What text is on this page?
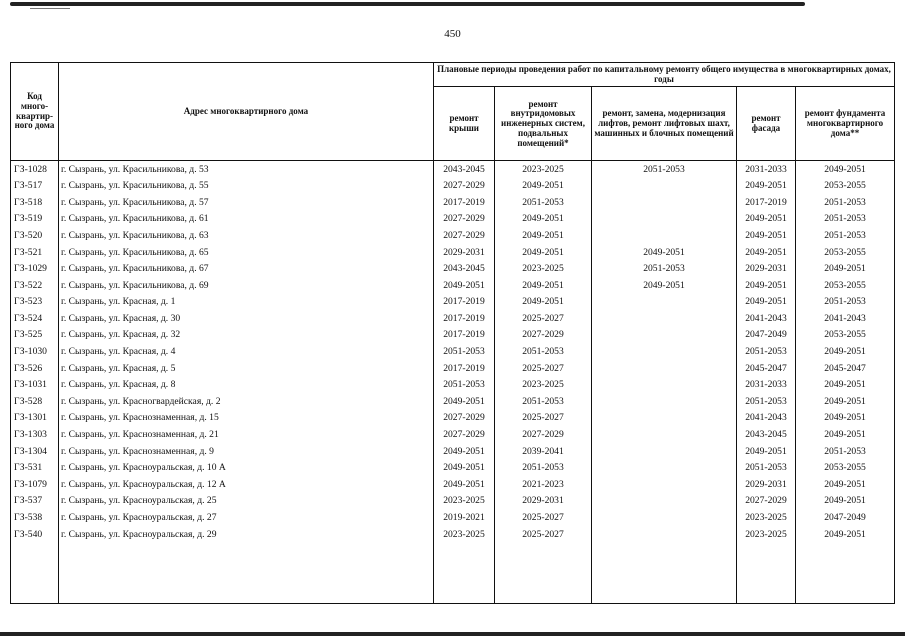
450
Код много-квартир-ного дома	Адрес многоквартирного дома	Плановые периоды проведения работ по капитальному ремонту общего имущества в многоквартирных домах, годы				
		ремонт крыши	ремонт внутридомовых инженерных систем, подвальных помещений*	ремонт, замена, модернизация лифтов, ремонт лифтовых шахт, машинных и блочных помещений	ремонт фасада	ремонт фундамента многоквартирного дома**
ГЗ-1028	г. Сызрань, ул. Красильникова, д. 53	2043-2045	2023-2025	2051-2053	2031-2033	2049-2051
ГЗ-517	г. Сызрань, ул. Красильникова, д. 55	2027-2029	2049-2051		2049-2051	2053-2055
ГЗ-518	г. Сызрань, ул. Красильникова, д. 57	2017-2019	2051-2053		2017-2019	2051-2053
ГЗ-519	г. Сызрань, ул. Красильникова, д. 61	2027-2029	2049-2051		2049-2051	2051-2053
ГЗ-520	г. Сызрань, ул. Красильникова, д. 63	2027-2029	2049-2051		2049-2051	2051-2053
ГЗ-521	г. Сызрань, ул. Красильникова, д. 65	2029-2031	2049-2051	2049-2051	2049-2051	2053-2055
ГЗ-1029	г. Сызрань, ул. Красильникова, д. 67	2043-2045	2023-2025	2051-2053	2029-2031	2049-2051
ГЗ-522	г. Сызрань, ул. Красильникова, д. 69	2049-2051	2049-2051	2049-2051	2049-2051	2053-2055
ГЗ-523	г. Сызрань, ул. Красная, д. 1	2017-2019	2049-2051		2049-2051	2051-2053
ГЗ-524	г. Сызрань, ул. Красная, д. 30	2017-2019	2025-2027		2041-2043	2041-2043
ГЗ-525	г. Сызрань, ул. Красная, д. 32	2017-2019	2027-2029		2047-2049	2053-2055
ГЗ-1030	г. Сызрань, ул. Красная, д. 4	2051-2053	2051-2053		2051-2053	2049-2051
ГЗ-526	г. Сызрань, ул. Красная, д. 5	2017-2019	2025-2027		2045-2047	2045-2047
ГЗ-1031	г. Сызрань, ул. Красная, д. 8	2051-2053	2023-2025		2031-2033	2049-2051
ГЗ-528	г. Сызрань, ул. Красногвардейская, д. 2	2049-2051	2051-2053		2051-2053	2049-2051
ГЗ-1301	г. Сызрань, ул. Краснознаменная, д. 15	2027-2029	2025-2027		2041-2043	2049-2051
ГЗ-1303	г. Сызрань, ул. Краснознаменная, д. 21	2027-2029	2027-2029		2043-2045	2049-2051
ГЗ-1304	г. Сызрань, ул. Краснознаменная, д. 9	2049-2051	2039-2041		2049-2051	2051-2053
ГЗ-531	г. Сызрань, ул. Красноуральская, д. 10 А	2049-2051	2051-2053		2051-2053	2053-2055
ГЗ-1079	г. Сызрань, ул. Красноуральская, д. 12 А	2049-2051	2021-2023		2029-2031	2049-2051
ГЗ-537	г. Сызрань, ул. Красноуральская, д. 25	2023-2025	2029-2031		2027-2029	2049-2051
ГЗ-538	г. Сызрань, ул. Красноуральская, д. 27	2019-2021	2025-2027		2023-2025	2047-2049
ГЗ-540	г. Сызрань, ул. Красноуральская, д. 29	2023-2025	2025-2027		2023-2025	2049-2051
